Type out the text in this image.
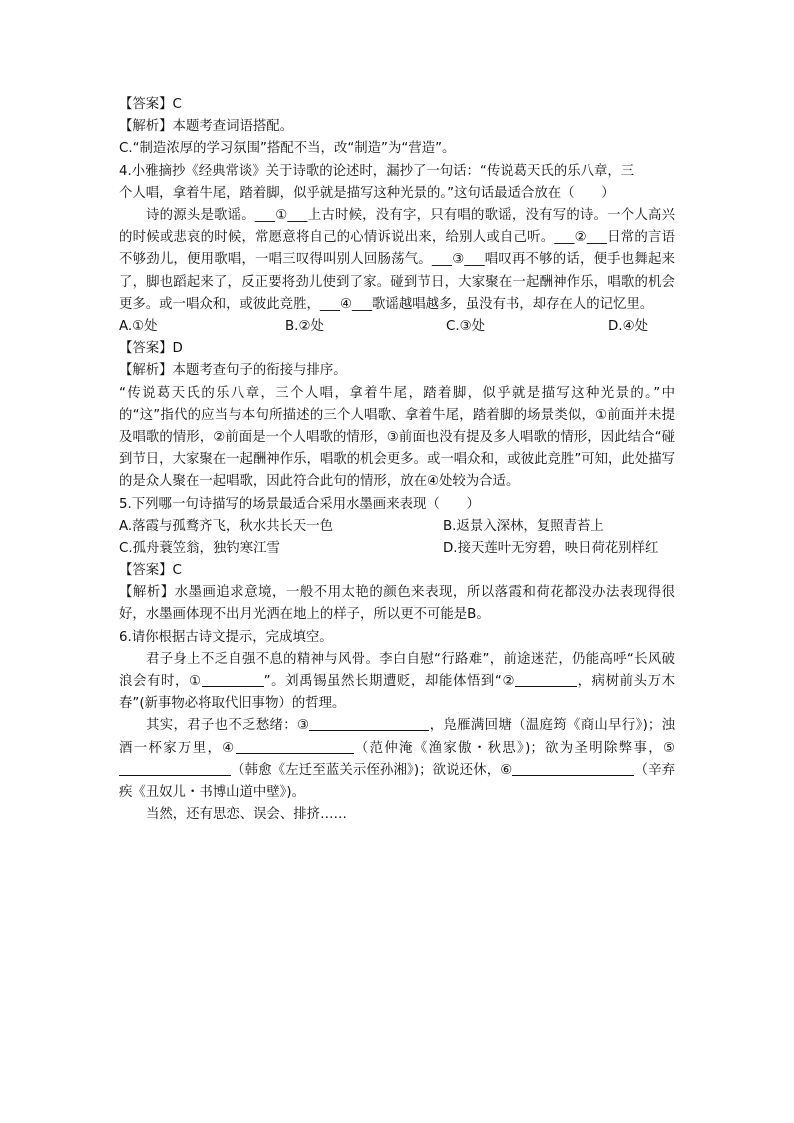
【答案】C
【解析】本题考查词语搭配。
C.“制造浓厚的学习氛围”搭配不当，改“制造”为“营造”。
4.小雅摘抄《经典常谈》关于诗歌的论述时，漏抄了一句话：“传说葛天氏的乐八章，三
个人唱，拿着牛尾，踏着脚，似乎就是描写这种光景的。”这句话最适合放在（　　）
诗的源头是歌谣。___①___上古时候，没有字，只有唱的歌谣，没有写的诗。一个人高兴的时候或悲哀的时候，常愿意将自己的心情诉说出来，给别人或自己听。___②___日常的言语不够劲儿，便用歌唱，一唱三叹得叫别人回肠荡气。___③___唱叹再不够的话，便手也舞起来了，脚也蹈起来了，反正要将劲儿使到了家。碰到节日，大家聚在一起酬神作乐，唱歌的机会更多。或一唱众和，或彼此竞胜，___④___歌谣越唱越多，虽没有书，却存在人的记忆里。
A.①处	B.②处	C.③处	D.④处
【答案】D
【解析】本题考查句子的衔接与排序。
“传说葛天氏的乐八章，三个人唱，拿着牛尾，踏着脚，似乎就是描写这种光景的。”中的“这”指代的应当与本句所描述的三个人唱歌、拿着牛尾，踏着脚的场景类似，①前面并未提及唱歌的情形，②前面是一个人唱歌的情形，③前面也没有提及多人唱歌的情形，因此结合“碰到节日，大家聚在一起酬神作乐，唱歌的机会更多。或一唱众和，或彼此竞胜”可知，此处描写的是众人聚在一起唱歌，因此符合此句的情形，放在④处较为合适。
5.下列哪一句诗描写的场景最适合采用水墨画来表现（　　）
A.落霞与孤鹜齐飞，秋水共长天一色	B.返景入深林，复照青苔上
C.孤舟蓑笠翁，独钓寒江雪	D.接天莲叶无穷碧，映日荷花别样红
【答案】C
【解析】水墨画追求意境，一般不用太艳的颜色来表现，所以落霞和荷花都没办法表现得很好，水墨画体现不出月光洒在地上的样子，所以更不可能是B。
6.请你根据古诗文提示，完成填空。
君子身上不乏自强不息的精神与风骨。李白自慰“行路难”，前途迷茫，仍能高呼“长风破浪会有时，①	”。刘禹锡虽然长期遭贬，却能体悟到“②	，病树前头万木春”(新事物必将取代旧事物）的哲理。
其实，君子也不乏愁绪：③	，凫雁满回塘（温庭筠《商山早行》)；浊酒一杯家万里，④	（范仲淹《渔家傲・秋思》)；欲为圣明除弊事，⑤（韩愈《左迁至蓝关示侄孙湘》)；欲说还休，⑥	（辛弃疾《丑奴儿・书博山道中壁》)。
当然，还有思恋、误会、排挤……
